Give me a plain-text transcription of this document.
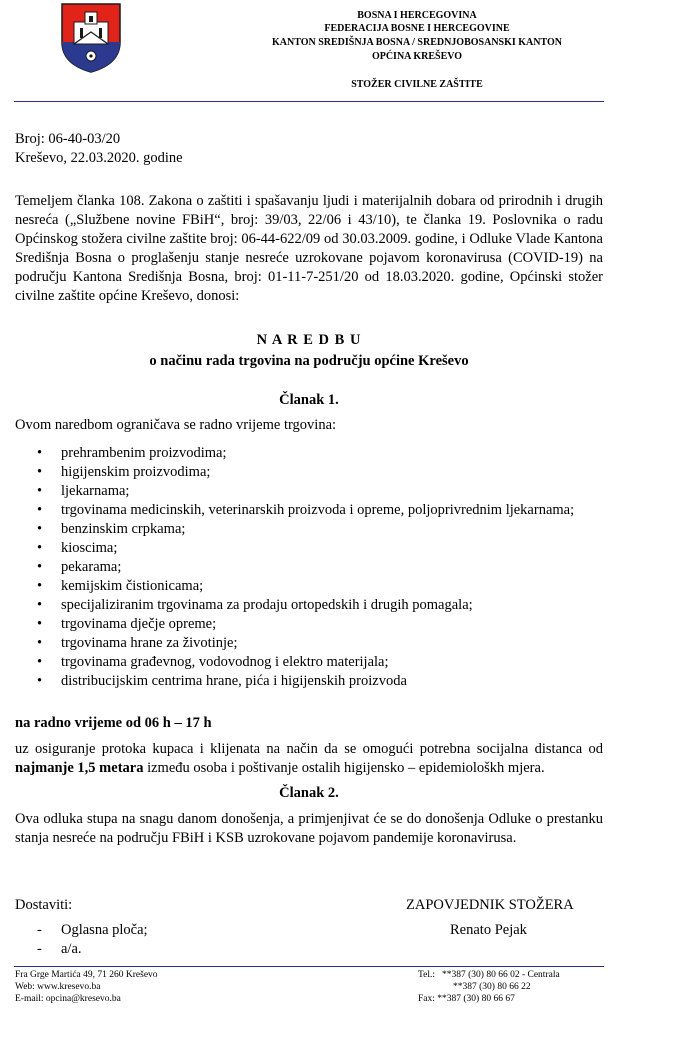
BOSNA I HERCEGOVINA
FEDERACIJA BOSNE I HERCEGOVINE
KANTON SREDIŠNJA BOSNA / SREDNJOBOSANSKI KANTON
OPĆINA KREŠEVO
STOŽER CIVILNE ZAŠTITE
Broj: 06-40-03/20
Kreševo, 22.03.2020. godine
Temeljem članka 108. Zakona o zaštiti i spašavanju ljudi i materijalnih dobara od prirodnih i drugih nesreća („Službene novine FBiH“, broj: 39/03, 22/06 i 43/10), te članka 19. Poslovnika o radu Općinskog stožera civilne zaštite broj: 06-44-622/09 od 30.03.2009. godine, i Odluke Vlade Kantona Središnja Bosna o proglašenju stanje nesreće uzrokovane pojavom koronavirusa (COVID-19) na području Kantona Središnja Bosna, broj: 01-11-7-251/20 od 18.03.2020. godine, Općinski stožer civilne zaštite općine Kreševo, donosi:
N A R E D B U
o načinu rada trgovina na području općine Kreševo
Članak 1.
Ovom naredbom ograničava se radno vrijeme trgovina:
• prehrambenim proizvodima;
• higijenskim proizvodima;
• ljekarnama;
• trgovinama medicinskih, veterinarskih proizvoda i opreme, poljoprivrednim ljekarnama;
• benzinskim crpkama;
• kioscima;
• pekarama;
• kemijskim čistionicama;
• specijaliziranim trgovinama za prodaju ortopedskih i drugih pomagala;
• trgovinama dječje opreme;
• trgovinama hrane za životinje;
• trgovinama građevnog, vodovodnog i elektro materijala;
• distribucijskim centrima hrane, pića i higijenskih proizvoda
na radno vrijeme od 06 h – 17 h
uz osiguranje protoka kupaca i klijenata na način da se omogući potrebna socijalna distanca od najmanje 1,5 metara između osoba i poštivanje ostalih higijensko – epidemiološkh mjera.
Članak 2.
Ova odluka stupa na snagu danom donošenja, a primjenjivat će se do donošenja Odluke o prestanku stanja nesreće na području FBiH i KSB uzrokovane pojavom pandemije koronavirusa.
Dostaviti:
- Oglasna ploča;
- a/a.
ZAPOVJEDNIK STOŽERA
Renato Pejak
Fra Grge Martića 49, 71 260 Kreševo
Web: www.kresevo.ba
E-mail: opcina@kresevo.ba
Tel.: **387 (30) 80 66 02 - Centrala
**387 (30) 80 66 22
Fax: **387 (30) 80 66 67
